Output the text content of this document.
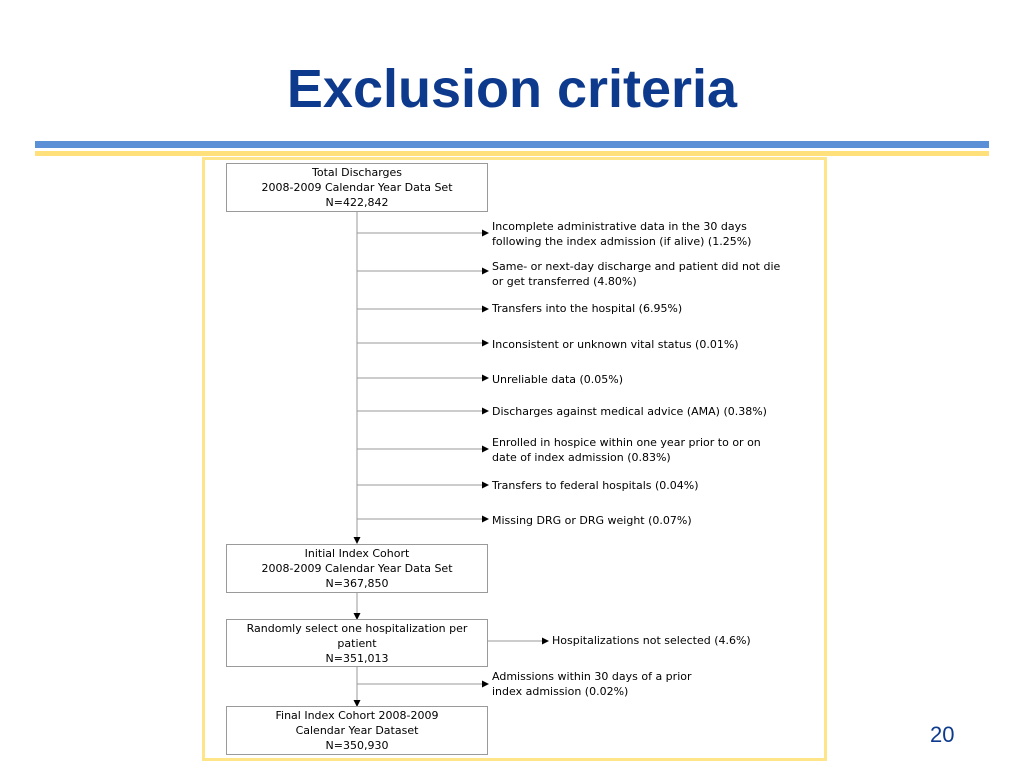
Exclusion criteria
Total Discharges
2008-2009 Calendar Year Data Set
N=422,842
Initial Index Cohort
2008-2009 Calendar Year Data Set
N=367,850
Randomly select one hospitalization per
patient
N=351,013
Final Index Cohort 2008-2009
Calendar Year Dataset
N=350,930
Incomplete administrative data in the 30 days
following the index admission (if alive) (1.25%)
Same- or next-day discharge and patient did not die
or get transferred (4.80%)
Transfers into the hospital (6.95%)
Inconsistent or unknown vital status (0.01%)
Unreliable data (0.05%)
Discharges against medical advice (AMA) (0.38%)
Enrolled in hospice within one year prior to or on
date of index admission (0.83%)
Transfers to federal hospitals (0.04%)
Missing DRG or DRG weight (0.07%)
Hospitalizations not selected (4.6%)
Admissions within 30 days of a prior
index admission (0.02%)
20
